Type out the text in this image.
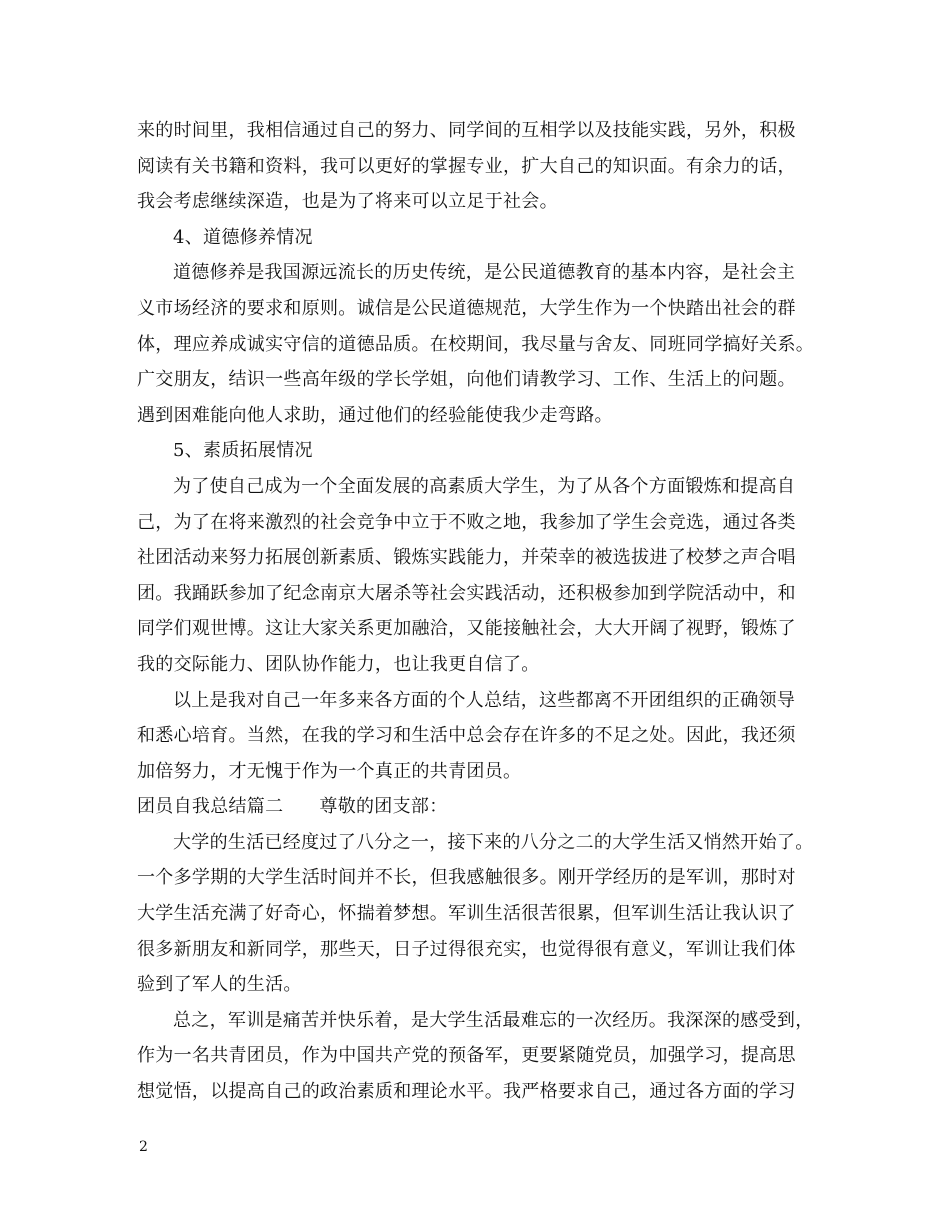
来的时间里，我相信通过自己的努力、同学间的互相学以及技能实践，另外，积极
阅读有关书籍和资料，我可以更好的掌握专业，扩大自己的知识面。有余力的话，
我会考虑继续深造，也是为了将来可以立足于社会。
4、道德修养情况
道德修养是我国源远流长的历史传统，是公民道德教育的基本内容，是社会主
义市场经济的要求和原则。诚信是公民道德规范，大学生作为一个快踏出社会的群
体，理应养成诚实守信的道德品质。在校期间，我尽量与舍友、同班同学搞好关系。
广交朋友，结识一些高年级的学长学姐，向他们请教学习、工作、生活上的问题。
遇到困难能向他人求助，通过他们的经验能使我少走弯路。
5、素质拓展情况
为了使自己成为一个全面发展的高素质大学生，为了从各个方面锻炼和提高自
己，为了在将来激烈的社会竞争中立于不败之地，我参加了学生会竞选，通过各类
社团活动来努力拓展创新素质、锻炼实践能力，并荣幸的被选拔进了校梦之声合唱
团。我踊跃参加了纪念南京大屠杀等社会实践活动，还积极参加到学院活动中，和
同学们观世博。这让大家关系更加融洽，又能接触社会，大大开阔了视野，锻炼了
我的交际能力、团队协作能力，也让我更自信了。
以上是我对自己一年多来各方面的个人总结，这些都离不开团组织的正确领导
和悉心培育。当然，在我的学习和生活中总会存在许多的不足之处。因此，我还须
加倍努力，才无愧于作为一个真正的共青团员。
团员自我总结篇二 尊敬的团支部：
大学的生活已经度过了八分之一，接下来的八分之二的大学生活又悄然开始了。
一个多学期的大学生活时间并不长，但我感触很多。刚开学经历的是军训，那时对
大学生活充满了好奇心，怀揣着梦想。军训生活很苦很累，但军训生活让我认识了
很多新朋友和新同学，那些天，日子过得很充实，也觉得很有意义，军训让我们体
验到了军人的生活。
总之，军训是痛苦并快乐着，是大学生活最难忘的一次经历。我深深的感受到，
作为一名共青团员，作为中国共产党的预备军，更要紧随党员，加强学习，提高思
想觉悟，以提高自己的政治素质和理论水平。我严格要求自己，通过各方面的学习
2
